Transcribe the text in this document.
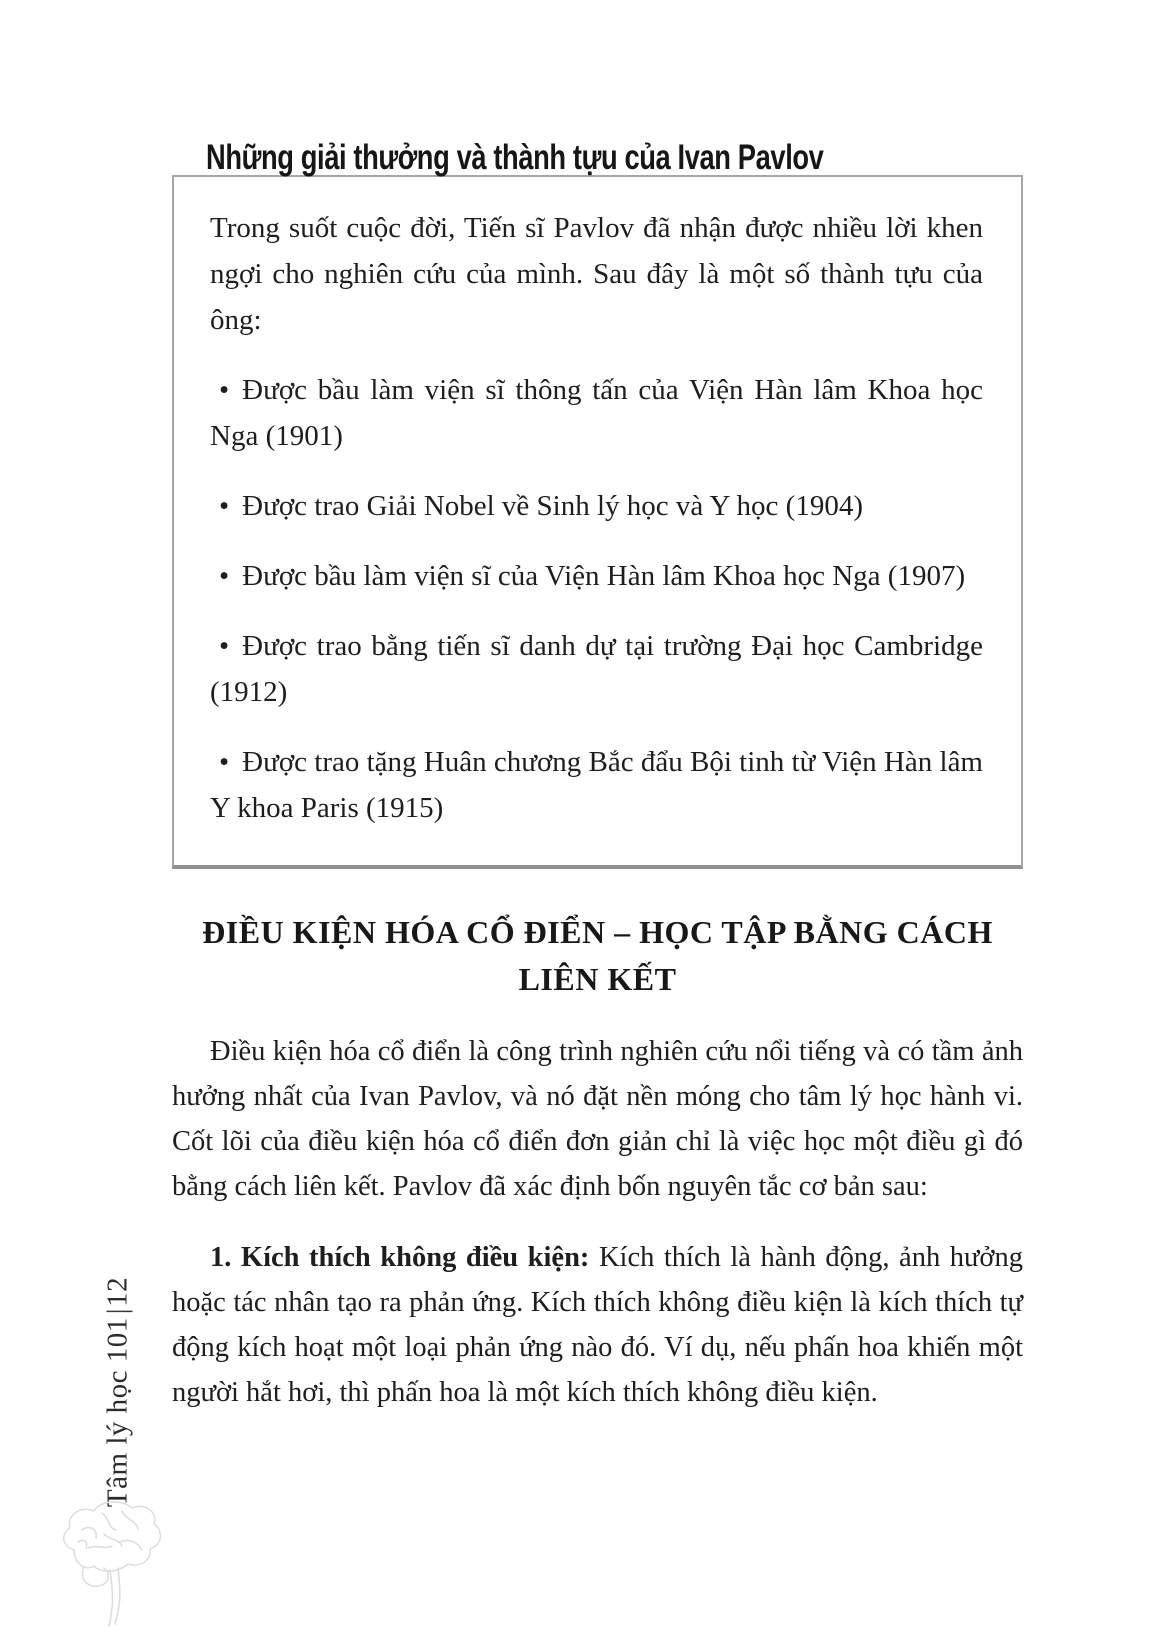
Những giải thưởng và thành tựu của Ivan Pavlov

Trong suốt cuộc đời, Tiến sĩ Pavlov đã nhận được nhiều lời khen ngợi cho nghiên cứu của mình. Sau đây là một số thành tựu của ông:

• Được bầu làm viện sĩ thông tấn của Viện Hàn lâm Khoa học Nga (1901)
• Được trao Giải Nobel về Sinh lý học và Y học (1904)
• Được bầu làm viện sĩ của Viện Hàn lâm Khoa học Nga (1907)
• Được trao bằng tiến sĩ danh dự tại trường Đại học Cambridge (1912)
• Được trao tặng Huân chương Bắc đẩu Bội tinh từ Viện Hàn lâm Y khoa Paris (1915)
ĐIỀU KIỆN HÓA CỔ ĐIỂN – HỌC TẬP BẰNG CÁCH
LIÊN KẾT

Điều kiện hóa cổ điển là công trình nghiên cứu nổi tiếng và có tầm ảnh hưởng nhất của Ivan Pavlov, và nó đặt nền móng cho tâm lý học hành vi. Cốt lõi của điều kiện hóa cổ điển đơn giản chỉ là việc học một điều gì đó bằng cách liên kết. Pavlov đã xác định bốn nguyên tắc cơ bản sau:

1. Kích thích không điều kiện: Kích thích là hành động, ảnh hưởng hoặc tác nhân tạo ra phản ứng. Kích thích không điều kiện là kích thích tự động kích hoạt một loại phản ứng nào đó. Ví dụ, nếu phấn hoa khiến một người hắt hơi, thì phấn hoa là một kích thích không điều kiện.

Tâm lý học 101|12
